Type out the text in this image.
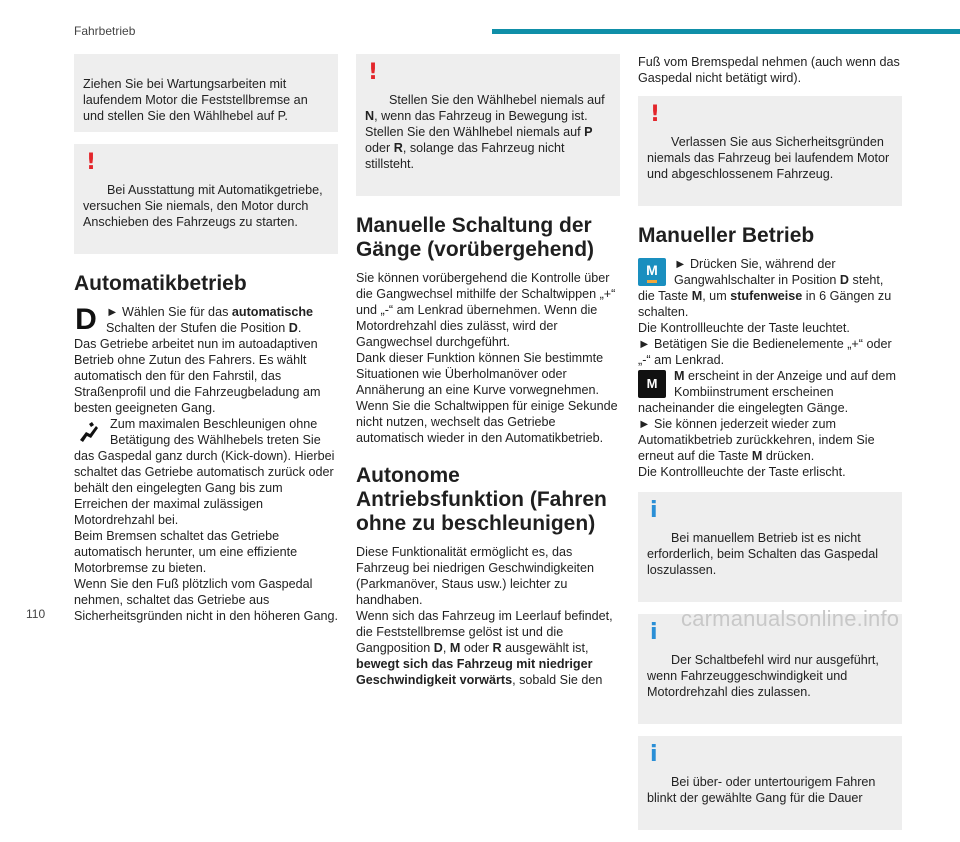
Fahrbetrieb

Ziehen Sie bei Wartungsarbeiten mit laufendem Motor die Feststellbremse an und stellen Sie den Wählhebel auf P.

!

Bei Ausstattung mit Automatikgetriebe, versuchen Sie niemals, den Motor durch Anschieben des Fahrzeugs zu starten.

Automatikbetrieb
D ► Wählen Sie für das automatische Schalten der Stufen die Position D.

Das Getriebe arbeitet nun im autoadaptiven Betrieb ohne Zutun des Fahrers. Es wählt automatisch den für den Fahrstil, das Straßenprofil und die Fahrzeugbeladung am besten geeigneten Gang.

Zum maximalen Beschleunigen ohne Betätigung des Wählhebels treten Sie das Gaspedal ganz durch (Kick-down). Hierbei schaltet das Getriebe automatisch zurück oder behält den eingelegten Gang bis zum Erreichen der maximal zulässigen Motordrehzahl bei.

Beim Bremsen schaltet das Getriebe automatisch herunter, um eine effiziente Motorbremse zu bieten.

Wenn Sie den Fuß plötzlich vom Gaspedal nehmen, schaltet das Getriebe aus Sicherheitsgründen nicht in den höheren Gang.

!

Stellen Sie den Wählhebel niemals auf N, wenn das Fahrzeug in Bewegung ist. Stellen Sie den Wählhebel niemals auf P oder R, solange das Fahrzeug nicht stillsteht.

Manuelle Schaltung der Gänge (vorübergehend)

Sie können vorübergehend die Kontrolle über die Gangwechsel mithilfe der Schaltwippen „+“ und „-“ am Lenkrad übernehmen. Wenn die Motordrehzahl dies zulässt, wird der Gangwechsel durchgeführt.

Dank dieser Funktion können Sie bestimmte Situationen wie Überholmanöver oder Annäherung an eine Kurve vorwegnehmen.

Wenn Sie die Schaltwippen für einige Sekunde nicht nutzen, wechselt das Getriebe automatisch wieder in den Automatikbetrieb.

Autonome Antriebsfunktion (Fahren ohne zu beschleunigen)

Diese Funktionalität ermöglicht es, das Fahrzeug bei niedrigen Geschwindigkeiten (Parkmanöver, Staus usw.) leichter zu handhaben.

Wenn sich das Fahrzeug im Leerlauf befindet, die Feststellbremse gelöst ist und die Gangposition D, M oder R ausgewählt ist, bewegt sich das Fahrzeug mit niedriger Geschwindigkeit vorwärts, sobald Sie den

Fuß vom Bremspedal nehmen (auch wenn das Gaspedal nicht betätigt wird).

!

Verlassen Sie aus Sicherheitsgründen niemals das Fahrzeug bei laufendem Motor und abgeschlossenem Fahrzeug.

Manueller Betrieb
M	► Drücken Sie, während der Gangwahlschalter in Position D steht, die Taste M, um stufenweise in 6 Gängen zu schalten.

Die Kontrollleuchte der Taste leuchtet.

► Betätigen Sie die Bedienelemente „+“ oder „-“ am Lenkrad.

M	M erscheint in der Anzeige und auf dem Kombiinstrument erscheinen nacheinander die eingelegten Gänge.

► Sie können jederzeit wieder zum Automatikbetrieb zurückkehren, indem Sie erneut auf die Taste M drücken.

Die Kontrollleuchte der Taste erlischt.

i

Bei manuellem Betrieb ist es nicht erforderlich, beim Schalten das Gaspedal loszulassen.

i

Der Schaltbefehl wird nur ausgeführt, wenn Fahrzeuggeschwindigkeit und Motordrehzahl dies zulassen.

i

Bei über- oder untertourigem Fahren blinkt der gewählte Gang für die Dauer

110	carmanualsonline.info
